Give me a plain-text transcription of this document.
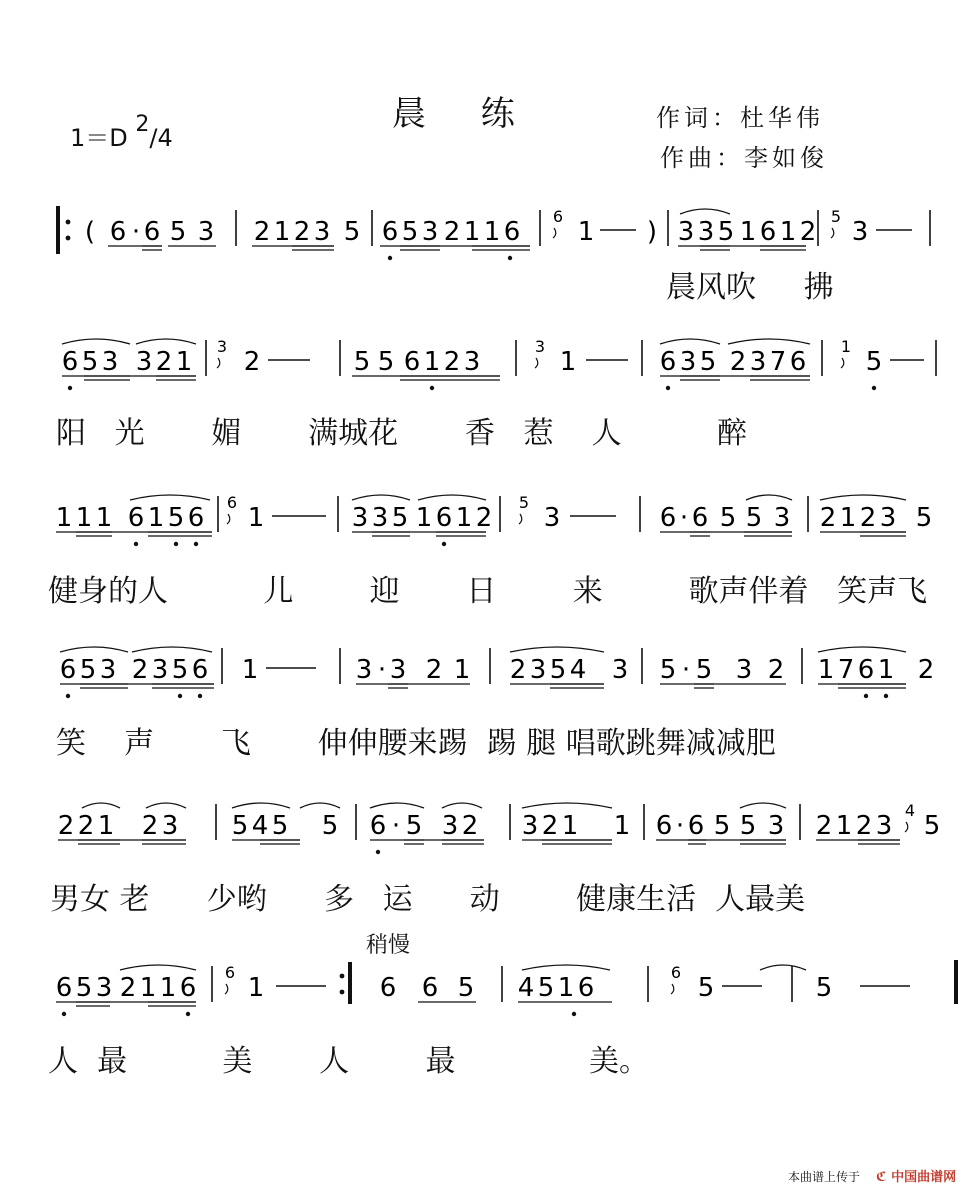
( 6 · 6 5 3 2 1 2 3 5 6 5 3 2 1 1 6
6
1 ) 3 3 5 1 6 1 2
5
3
6 5 3 3 2 1
3
2	5 5 6 1 2 3
3
1	6 3 5 2 3 7 6
1
5
1 1 1 6 1 5 6
6
1	3 3 5 1 6 1 2
5
3	6 · 6 5 5 3 2 1 2 3 5
6 5 3 2 3 5 6 1	3 · 3 2 1 2 3 5 4 3 5 · 5 3 2 1 7 6 1 2
2 2 1 2 3 5 4 5 5 6 · 5 3 2 3 2 1 1 6 · 6 5 5 3 2 1 2 3
4
5
6 5 3 2 1 1 6
6
1	6 6 5 4 5 1 6
6
5	5
1＝D $^2$/4
晨 练	作词：杜华伟
作曲：李如俊
晨风吹     拂
阳   光       媚       满城花       香   惹    人          醉
健身的人          儿        迎       日        来         歌声伴着   笑声飞
笑    声       飞       伸伸腰来踢  踢 腿 唱歌跳舞减减肥
男女 老      少哟      多   运      动        健康生活  人最美
人  最          美       人        最              美。
稍慢
本曲谱上传于 ℭ 中国曲谱网
